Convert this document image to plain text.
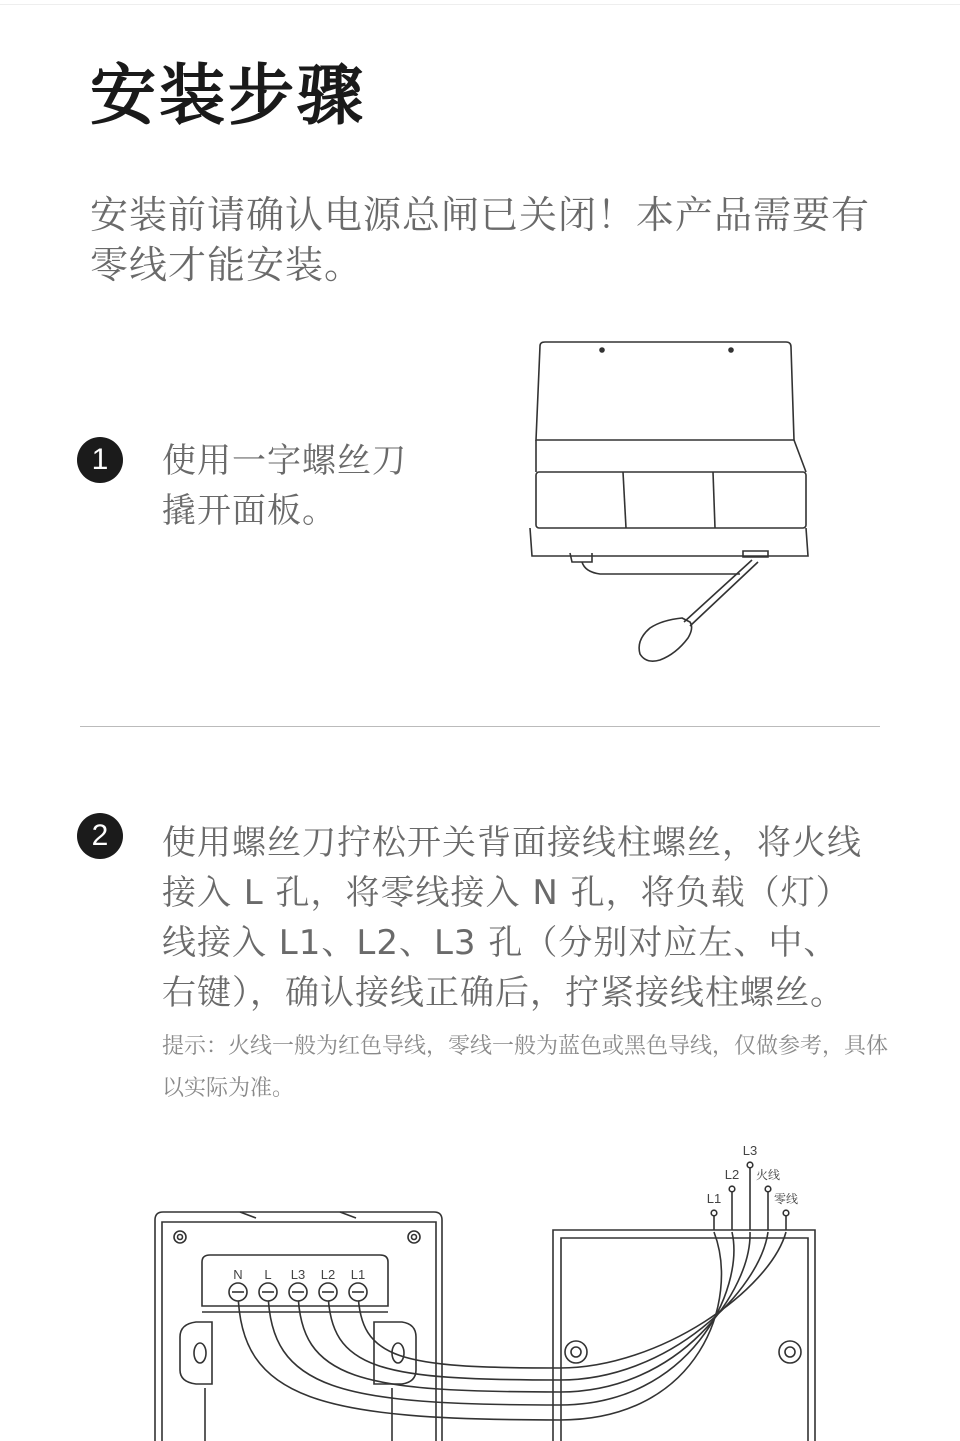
安装步骤
安装前请确认电源总闸已关闭！本产品需要有零线才能安装。
1	使用一字螺丝刀
撬开面板。
2	使用螺丝刀拧松开关背面接线柱螺丝，将火线
接入 L 孔，将零线接入 N 孔，将负载（灯）
线接入 L1、L2、L3 孔（分别对应左、中、
右键），确认接线正确后，拧紧接线柱螺丝。
提示：火线一般为红色导线，零线一般为蓝色或黑色导线，仅做参考，具体以实际为准。
N L L3 L2 L1
L1
L2
L3
火线
零线
